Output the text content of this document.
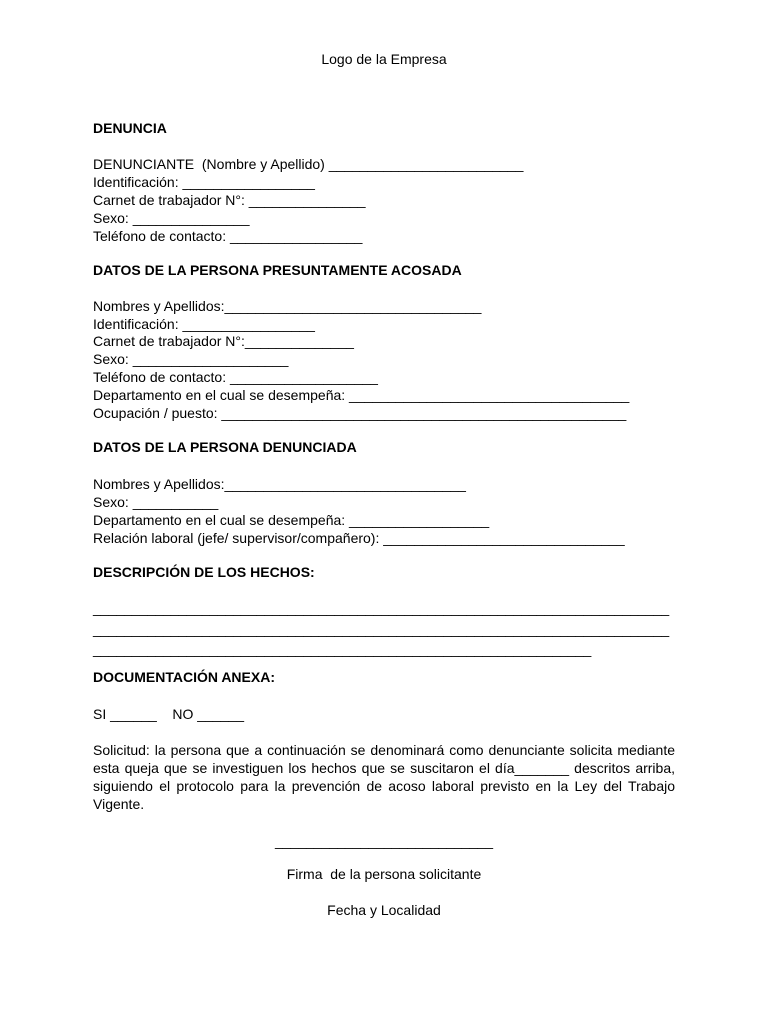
Logo de la Empresa
DENUNCIA
DENUNCIANTE  (Nombre y Apellido) _________________________
Identificación: _________________
Carnet de trabajador N°: _______________
Sexo: _______________
Teléfono de contacto: _________________
DATOS DE LA PERSONA PRESUNTAMENTE ACOSADA
Nombres y Apellidos:_________________________________
Identificación: _________________
Carnet de trabajador N°:______________
Sexo: ____________________
Teléfono de contacto: ___________________
Departamento en el cual se desempeña: ____________________________________
Ocupación / puesto: ____________________________________________________
DATOS DE LA PERSONA DENUNCIADA
Nombres y Apellidos:_______________________________
Sexo: ___________
Departamento en el cual se desempeña: __________________
Relación laboral (jefe/ supervisor/compañero): _______________________________
DESCRIPCIÓN DE LOS HECHOS:
__________________________________________________________________________
__________________________________________________________________________
________________________________________________________________
DOCUMENTACIÓN ANEXA:
SI ______    NO ______
Solicitud: la persona que a continuación se denominará como denunciante solicita mediante esta queja que se investiguen los hechos que se suscitaron el día_______ descritos arriba, siguiendo el protocolo para la prevención de acoso laboral previsto en la Ley del Trabajo Vigente.
____________________________
Firma  de la persona solicitante
Fecha y Localidad
